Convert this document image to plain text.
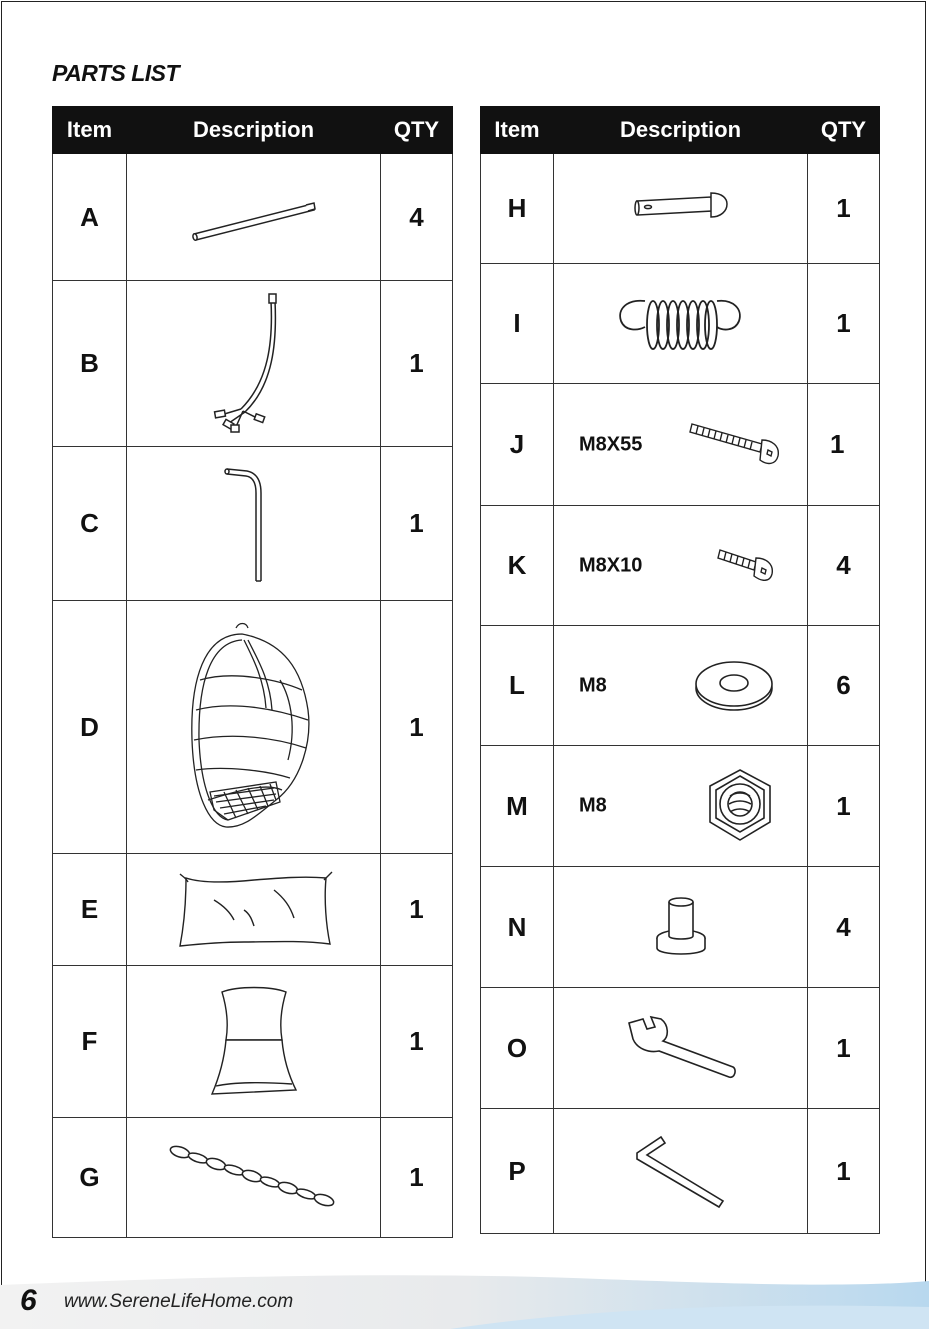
PARTS LIST
Item	Description	QTY
A		4
B		1
C		1
D		1
E		1
F		1
G		1
Item	Description	QTY
H		1
I		1
J	M8X55	1
K	M8X10	4
L	M8	6
M	M8	1
N		4
O		1
P		1
6 www.SereneLifeHome.com
